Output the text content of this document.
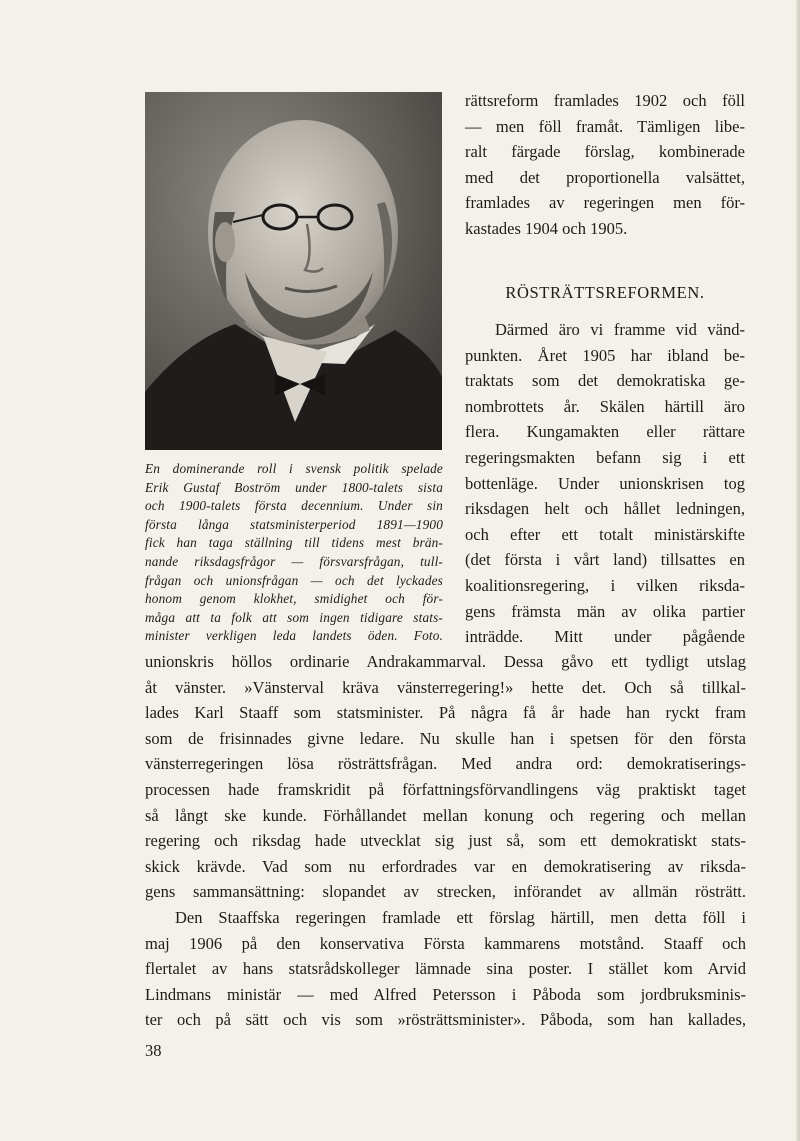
En dominerande roll i svensk politik spelade
Erik Gustaf Boström under 1800-talets sista
och 1900-talets första decennium. Under sin
första långa statsministerperiod 1891—1900
fick han taga ställning till tidens mest brän-
nande riksdagsfrågor — försvarsfrågan, tull-
frågan och unionsfrågan — och det lyckades
honom genom klokhet, smidighet och för-
måga att ta folk att som ingen tidigare stats-
minister verkligen leda landets öden. Foto.
rättsreform framlades 1902 och föll
— men föll framåt. Tämligen libe-
ralt färgade förslag, kombinerade
med det proportionella valsättet,
framlades av regeringen men för-
kastades 1904 och 1905.
RÖSTRÄTTSREFORMEN.
Därmed äro vi framme vid vänd-
punkten. Året 1905 har ibland be-
traktats som det demokratiska ge-
nombrottets år. Skälen härtill äro
flera. Kungamakten eller rättare
regeringsmakten befann sig i ett
bottenläge. Under unionskrisen tog
riksdagen helt och hållet ledningen,
och efter ett totalt ministärskifte
(det första i vårt land) tillsattes en
koalitionsregering, i vilken riksda-
gens främsta män av olika partier
inträdde. Mitt under pågående
unionskris höllos ordinarie Andrakammarval. Dessa gåvo ett tydligt utslag
åt vänster. »Vänsterval kräva vänsterregering!» hette det. Och så tillkal-
lades Karl Staaff som statsminister. På några få år hade han ryckt fram
som de frisinnades givne ledare. Nu skulle han i spetsen för den första
vänsterregeringen lösa rösträttsfrågan. Med andra ord: demokratiserings-
processen hade framskridit på författningsförvandlingens väg praktiskt taget
så långt ske kunde. Förhållandet mellan konung och regering och mellan
regering och riksdag hade utvecklat sig just så, som ett demokratiskt stats-
skick krävde. Vad som nu erfordrades var en demokratisering av riksda-
gens sammansättning: slopandet av strecken, införandet av allmän rösträtt.
Den Staaffska regeringen framlade ett förslag härtill, men detta föll i
maj 1906 på den konservativa Första kammarens motstånd. Staaff och
flertalet av hans statsrådskolleger lämnade sina poster. I stället kom Arvid
Lindmans ministär — med Alfred Petersson i Påboda som jordbruksminis-
ter och på sätt och vis som »rösträttsminister». Påboda, som han kallades,
38
